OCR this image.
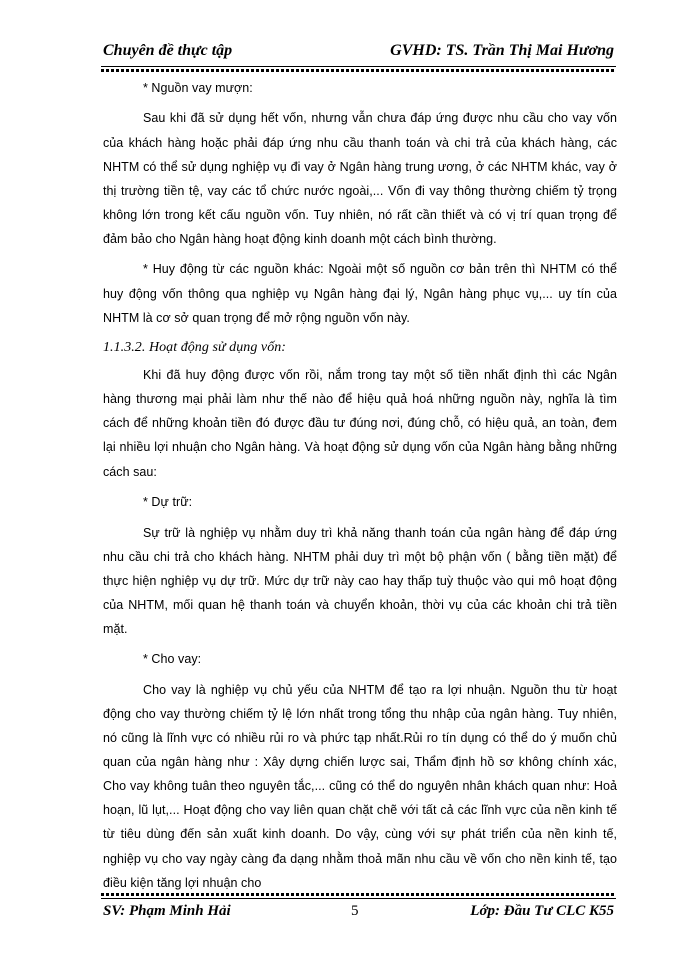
Chuyên đề thực tập	GVHD: TS. Trần Thị Mai Hương

* Nguồn vay mượn:

Sau khi đã sử dụng hết vốn, nhưng vẫn chưa đáp ứng được nhu cầu cho vay vốn của khách hàng hoặc phải đáp ứng nhu cầu thanh toán và chi trả của khách hàng, các NHTM có thể sử dụng nghiệp vụ đi vay ở Ngân hàng trung ương, ở các NHTM khác, vay ở thị trường tiền tệ, vay các tổ chức nước ngoài,... Vốn đi vay thông thường chiếm tỷ trọng không lớn trong kết cấu nguồn vốn. Tuy nhiên, nó rất cần thiết và có vị trí quan trọng để đảm bảo cho Ngân hàng hoạt động kinh doanh một cách bình thường.

* Huy động từ các nguồn khác: Ngoài một số nguồn cơ bản trên thì NHTM có thể huy động vốn thông qua nghiệp vụ Ngân hàng đại lý, Ngân hàng phục vụ,... uy tín của NHTM là cơ sở quan trọng để mở rộng nguồn vốn này.

1.1.3.2. Hoạt động sử dụng vốn:

Khi đã huy động được vốn rồi, nắm trong tay một số tiền nhất định thì các Ngân hàng thương mại phải làm như thế nào để hiệu quả hoá những nguồn này, nghĩa là tìm cách để những khoản tiền đó được đầu tư đúng nơi, đúng chỗ, có hiệu quả, an toàn, đem lại nhiều lợi nhuận cho Ngân hàng. Và hoạt động sử dụng vốn của Ngân hàng bằng những cách sau:

* Dự trữ:

Sự trữ là nghiệp vụ nhằm duy trì khả năng thanh toán của ngân hàng để đáp ứng nhu cầu chi trả cho khách hàng. NHTM phải duy trì một bộ phận vốn ( bằng tiền mặt) để thực hiện nghiệp vụ dự trữ. Mức dự trữ này cao hay thấp tuỳ thuộc vào qui mô hoạt động của NHTM, mối quan hệ thanh toán và chuyển khoản, thời vụ của các khoản chi trả tiền mặt.

* Cho vay:

Cho vay là nghiệp vụ chủ yếu của NHTM để tạo ra lợi nhuận. Nguồn thu từ hoạt động cho vay thường chiếm tỷ lệ lớn nhất trong tổng thu nhập của ngân hàng. Tuy nhiên, nó cũng là lĩnh vực có nhiều rủi ro và phức tạp nhất.Rủi ro tín dụng có thể do ý muốn chủ quan của ngân hàng như : Xây dựng chiến lược sai, Thẩm định hồ sơ không chính xác, Cho vay không tuân theo nguyên tắc,... cũng có thể do nguyên nhân khách quan như: Hoả hoạn, lũ lụt,... Hoạt động cho vay liên quan chặt chẽ với tất cả các lĩnh vực của nền kinh tế từ tiêu dùng đến sản xuất kinh doanh. Do vậy, cùng với sự phát triển của nền kinh tế, nghiệp vụ cho vay ngày càng đa dạng nhằm thoả mãn nhu cầu về vốn cho nền kinh tế, tạo điều kiện tăng lợi nhuận cho

SV: Phạm Minh Hải	5	Lớp: Đầu Tư CLC K55
